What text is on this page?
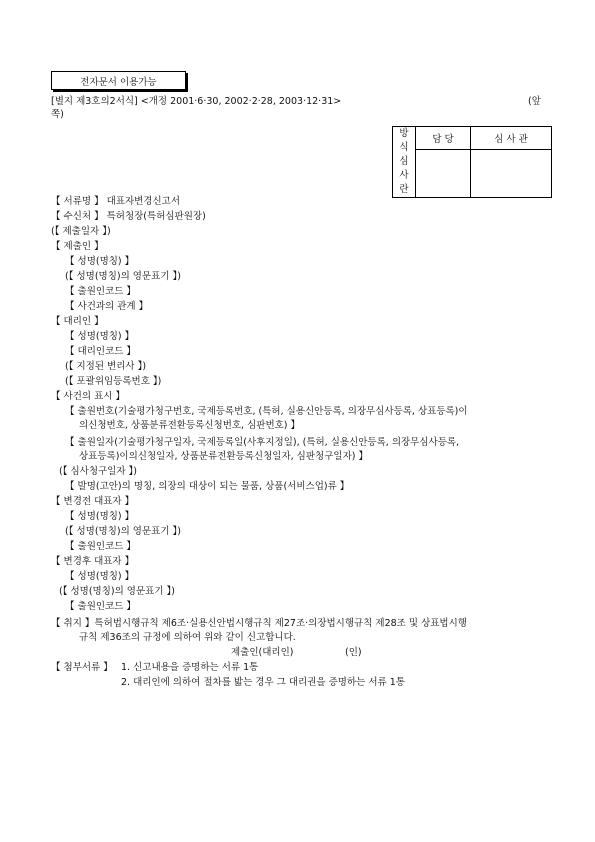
전자문서 이용가능
[별지 제3호의2서식] <개정 2001·6·30, 2002·2·28, 2003·12·31>	(앞
쪽)
방
식
심
사
란	담 당	심 사 관

【 서류명 】 대표자변경신고서
【 수신처 】 특허청장(특허심판원장)
(【 제출일자 】)
【 제출인 】
【 성명(명칭) 】
(【 성명(명칭)의 영문표기 】)
【 출원인코드 】
【 사건과의 관계 】
【 대리인 】
【 성명(명칭) 】
【 대리인코드 】
(【 지정된 변리사 】)
(【 포괄위임등록번호 】)
【 사건의 표시 】
【 출원번호(기술평가청구번호, 국제등록번호, (특허, 실용신안등록, 의장무심사등록, 상표등록)이
의신청번호, 상품분류전환등록신청번호, 심판번호) 】
【 출원일자(기술평가청구일자, 국제등록일(사후지정일), (특허, 실용신안등록, 의장무심사등록,
상표등록)이의신청일자, 상품분류전환등록신청일자, 심판청구일자) 】
(【 심사청구일자 】)
【 발명(고안)의 명칭, 의장의 대상이 되는 물품, 상품(서비스업)류 】
【 변경전 대표자 】
【 성명(명칭) 】
(【 성명(명칭)의 영문표기 】)
【 출원인코드 】
【 변경후 대표자 】
【 성명(명칭) 】
(【 성명(명칭)의 영문표기 】)
【 출원인코드 】
【 취지 】특허법시행규칙 제6조·실용신안법시행규칙 제27조·의장법시행규칙 제28조 및 상표법시행
규칙 제36조의 규정에 의하여 위와 같이 신고합니다.
제출인(대리인)	(인)
【 첨부서류 】 1. 신고내용을 증명하는 서류 1통
2. 대리인에 의하여 절차를 밟는 경우 그 대리권을 증명하는 서류 1통
